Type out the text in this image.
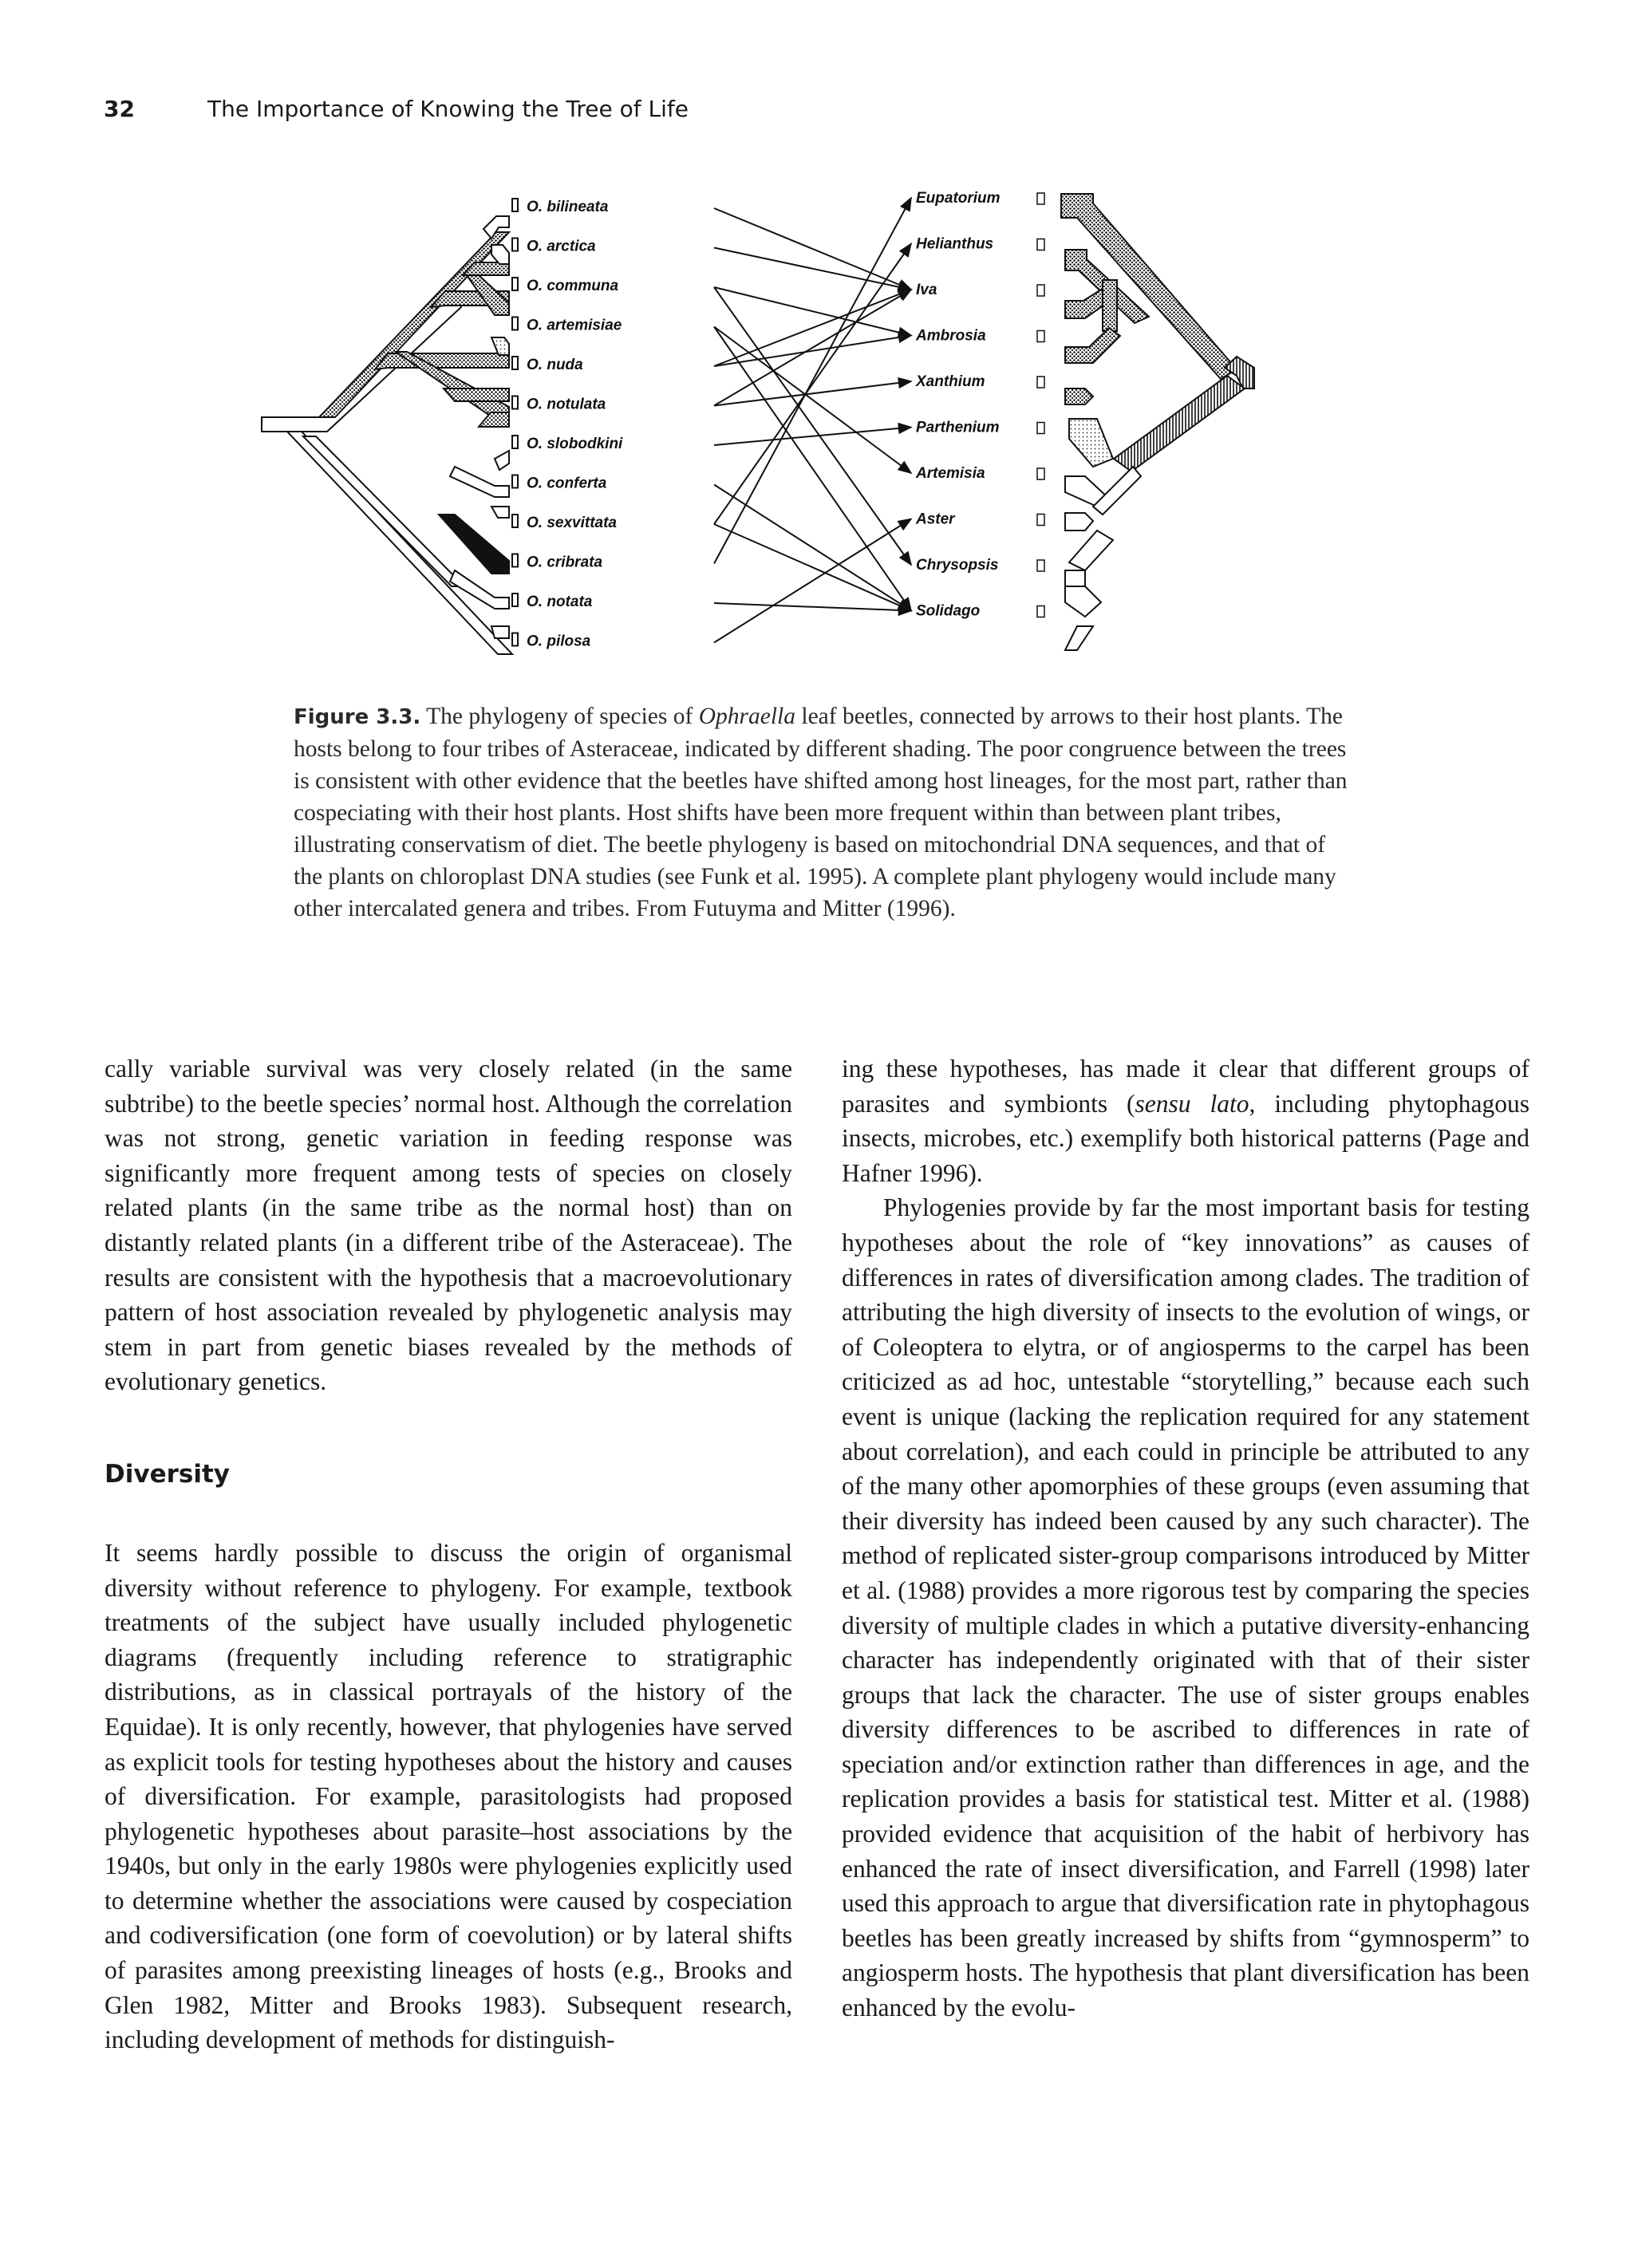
32	The Importance of Knowing the Tree of Life
O. bilineata
O. arctica
O. communa
O. artemisiae
O. nuda
O. notulata
O. slobodkini
O. conferta
O. sexvittata
O. cribrata
O. notata
O. pilosa
Eupatorium
Helianthus
Iva
Ambrosia
Xanthium
Parthenium
Artemisia
Aster
Chrysopsis
Solidago
Figure 3.3. The phylogeny of species of Ophraella leaf beetles, connected by arrows to their host plants. The hosts belong to four tribes of Asteraceae, indicated by different shading. The poor congruence between the trees is consistent with other evidence that the beetles have shifted among host lineages, for the most part, rather than cospeciating with their host plants. Host shifts have been more frequent within than between plant tribes, illustrating conservatism of diet. The beetle phylogeny is based on mitochondrial DNA sequences, and that of the plants on chloroplast DNA studies (see Funk et al. 1995). A complete plant phylogeny would include many other intercalated genera and tribes. From Futuyma and Mitter (1996).

cally variable survival was very closely related (in the same subtribe) to the beetle species’ normal host. Although the correlation was not strong, genetic variation in feeding response was significantly more frequent among tests of species on closely related plants (in the same tribe as the normal host) than on distantly related plants (in a different tribe of the Asteraceae). The results are consistent with the hypothesis that a macroevolutionary pattern of host association revealed by phylogenetic analysis may stem in part from genetic biases revealed by the methods of evolutionary genetics.

Diversity

It seems hardly possible to discuss the origin of organismal diversity without reference to phylogeny. For example, textbook treatments of the subject have usually included phylogenetic diagrams (frequently including reference to stratigraphic distributions, as in classical portrayals of the history of the Equidae). It is only recently, however, that phylogenies have served as explicit tools for testing hypotheses about the history and causes of diversification. For example, parasitologists had proposed phylogenetic hypotheses about parasite–host associations by the 1940s, but only in the early 1980s were phylogenies explicitly used to determine whether the associations were caused by cospeciation and codiversification (one form of coevolution) or by lateral shifts of parasites among preexisting lineages of hosts (e.g., Brooks and Glen 1982, Mitter and Brooks 1983). Subsequent research, including development of methods for distinguish-

ing these hypotheses, has made it clear that different groups of parasites and symbionts (sensu lato, including phytophagous insects, microbes, etc.) exemplify both historical patterns (Page and Hafner 1996).

Phylogenies provide by far the most important basis for testing hypotheses about the role of “key innovations” as causes of differences in rates of diversification among clades. The tradition of attributing the high diversity of insects to the evolution of wings, or of Coleoptera to elytra, or of angiosperms to the carpel has been criticized as ad hoc, untestable “storytelling,” because each such event is unique (lacking the replication required for any statement about correlation), and each could in principle be attributed to any of the many other apomorphies of these groups (even assuming that their diversity has indeed been caused by any such character). The method of replicated sister-group comparisons introduced by Mitter et al. (1988) provides a more rigorous test by comparing the species diversity of multiple clades in which a putative diversity-enhancing character has independently originated with that of their sister groups that lack the character. The use of sister groups enables diversity differences to be ascribed to differences in rate of speciation and/or extinction rather than differences in age, and the replication provides a basis for statistical test. Mitter et al. (1988) provided evidence that acquisition of the habit of herbivory has enhanced the rate of insect diversification, and Farrell (1998) later used this approach to argue that diversification rate in phytophagous beetles has been greatly increased by shifts from “gymnosperm” to angiosperm hosts. The hypothesis that plant diversification has been enhanced by the evolu-
